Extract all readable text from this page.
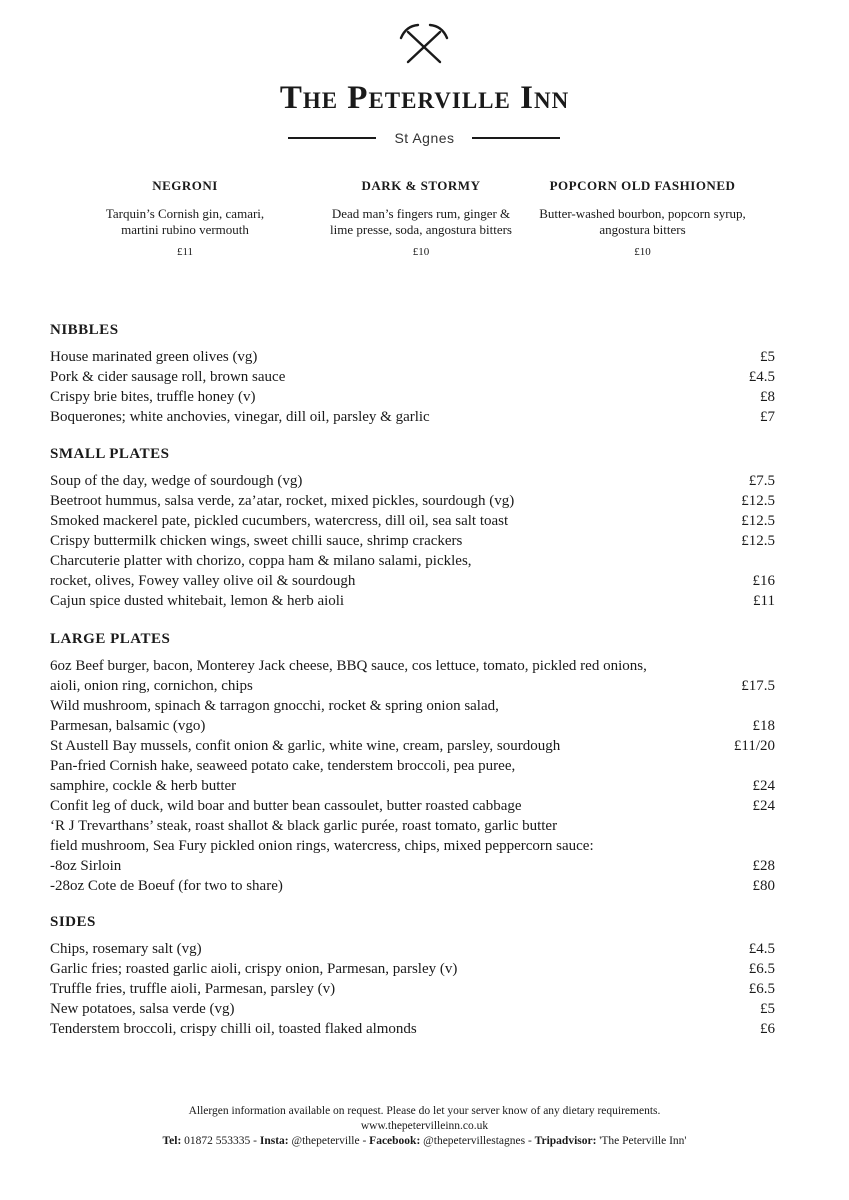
The Peterville Inn
St Agnes
NEGRONI
Tarquin’s Cornish gin, camari, martini rubino vermouth
£11
DARK & STORMY
Dead man’s fingers rum, ginger & lime presse, soda, angostura bitters
£10
POPCORN OLD FASHIONED
Butter-washed bourbon, popcorn syrup, angostura bitters
£10
NIBBLES
House marinated green olives (vg)	£5
Pork & cider sausage roll, brown sauce	£4.5
Crispy brie bites, truffle honey (v)	£8
Boquerones; white anchovies, vinegar, dill oil, parsley & garlic	£7
SMALL PLATES
Soup of the day, wedge of sourdough (vg)	£7.5
Beetroot hummus, salsa verde, za’atar, rocket, mixed pickles, sourdough (vg)	£12.5
Smoked mackerel pate, pickled cucumbers, watercress, dill oil, sea salt toast	£12.5
Crispy buttermilk chicken wings, sweet chilli sauce, shrimp crackers	£12.5
Charcuterie platter with chorizo, coppa ham & milano salami, pickles,
rocket, olives, Fowey valley olive oil & sourdough	£16
Cajun spice dusted whitebait, lemon & herb aioli	£11
LARGE PLATES
6oz Beef burger, bacon, Monterey Jack cheese, BBQ sauce, cos lettuce, tomato, pickled red onions,
aioli, onion ring, cornichon, chips	£17.5
Wild mushroom, spinach & tarragon gnocchi, rocket & spring onion salad,
Parmesan, balsamic (vgo)	£18
St Austell Bay mussels, confit onion & garlic, white wine, cream, parsley, sourdough	£11/20
Pan-fried Cornish hake, seaweed potato cake, tenderstem broccoli, pea puree,
samphire, cockle & herb butter	£24
Confit leg of duck, wild boar and butter bean cassoulet, butter roasted cabbage	£24
‘R J Trevarthans’ steak, roast shallot & black garlic purée, roast tomato, garlic butter
field mushroom, Sea Fury pickled onion rings, watercress, chips, mixed peppercorn sauce:
-8oz Sirloin	£28
-28oz Cote de Boeuf (for two to share)	£80
SIDES
Chips, rosemary salt (vg)	£4.5
Garlic fries; roasted garlic aioli, crispy onion, Parmesan, parsley (v)	£6.5
Truffle fries, truffle aioli, Parmesan, parsley (v)	£6.5
New potatoes, salsa verde (vg)	£5
Tenderstem broccoli, crispy chilli oil, toasted flaked almonds	£6
Allergen information available on request. Please do let your server know of any dietary requirements.
www.thepetervilleinn.co.uk
Tel: 01872 553335 - Insta: @thepeterville - Facebook: @thepetervillestagnes - Tripadvisor: 'The Peterville Inn'
